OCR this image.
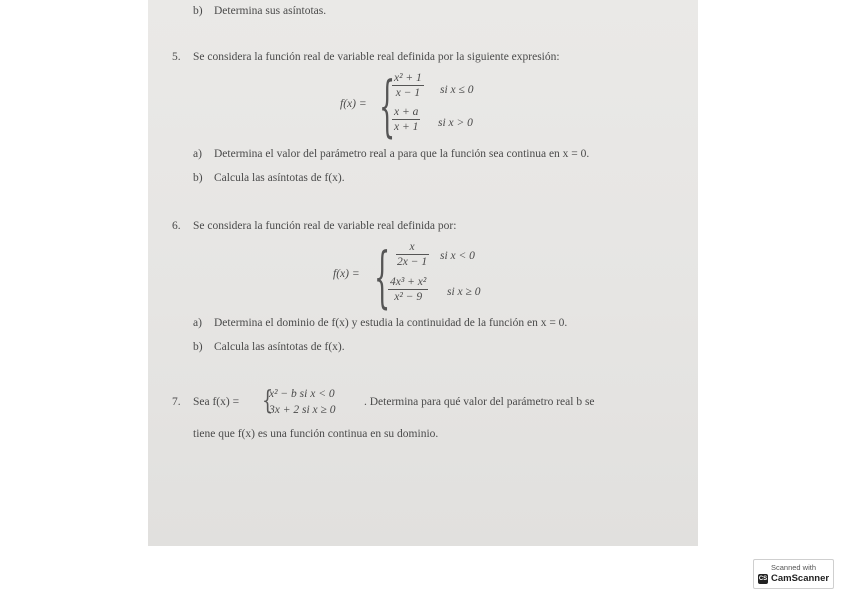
b) Determina sus asíntotas.
5. Se considera la función real de variable real definida por la siguiente expresión:
f(x) = {
$\frac{\text{x² + 1}}{x - 1}$ si x ≤ 0
$\frac{x + a}{x + 1}$ si x > 0
a) Determina el valor del parámetro real a para que la función sea continua en x = 0.
b) Calcula las asíntotas de f(x).
6. Se considera la función real de variable real definida por:
f(x) = { $\frac{x}{2x - 1}$ si x < 0
$\frac{\text{4x³ + x²}}{\text{x² − 9}}$ si x ≥ 0
a) Determina el dominio de f(x) y estudia la continuidad de la función en x = 0.
b) Calcula las asíntotas de f(x).
7. Sea f(x) = {
x² − b si x < 0
3x + 2 si x ≥ 0
. Determina para qué valor del parámetro real b se
tiene que f(x) es una función continua en su dominio.
Scanned with
CS CamScanner
